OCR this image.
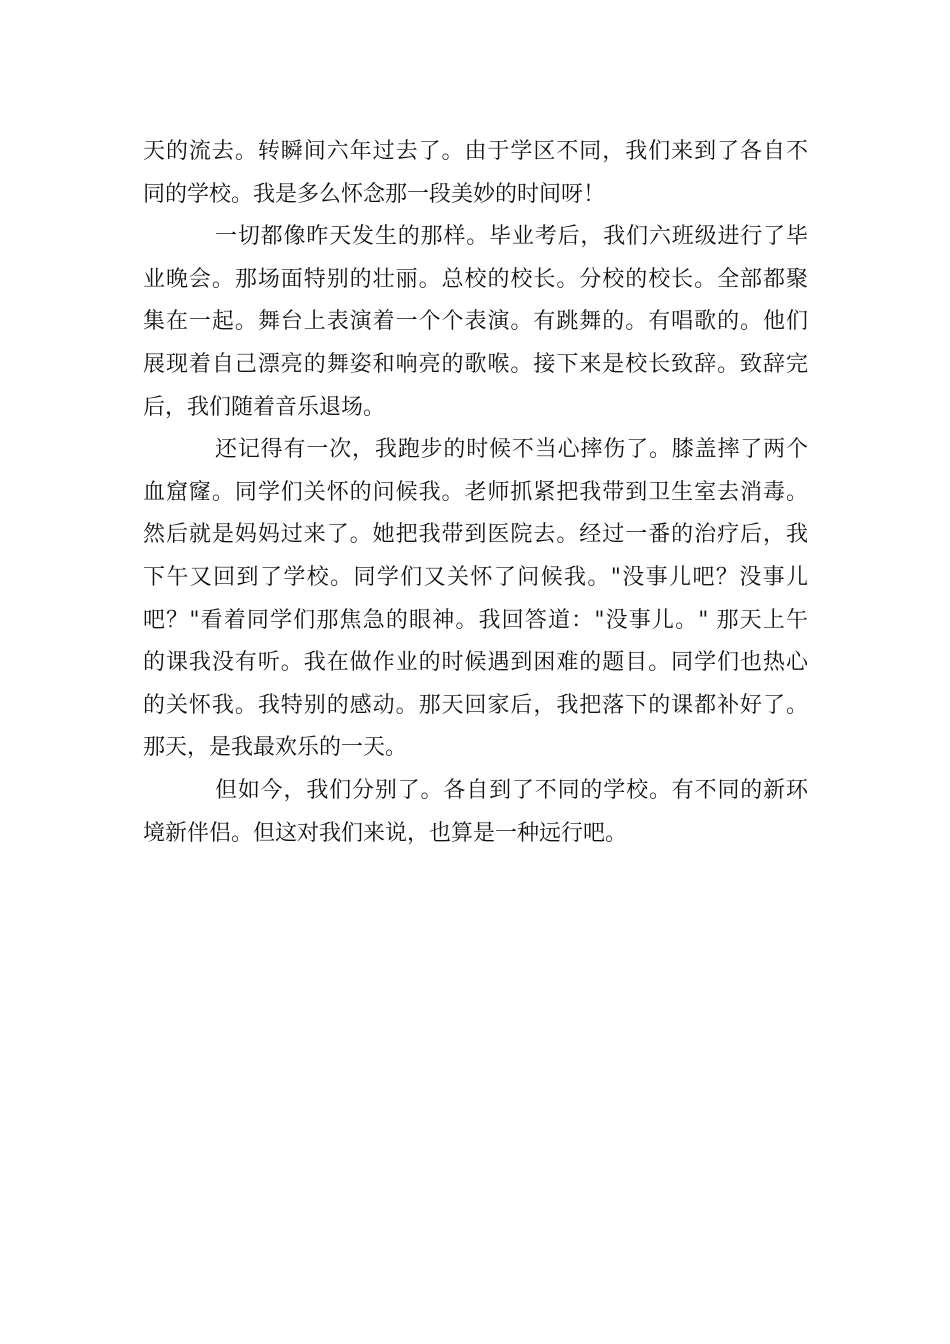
天的流去。转瞬间六年过去了。由于学区不同，我们来到了各自不
同的学校。我是多么怀念那一段美妙的时间呀！

一切都像昨天发生的那样。毕业考后，我们六班级进行了毕
业晚会。那场面特别的壮丽。总校的校长。分校的校长。全部都聚
集在一起。舞台上表演着一个个表演。有跳舞的。有唱歌的。他们
展现着自己漂亮的舞姿和响亮的歌喉。接下来是校长致辞。致辞完
后，我们随着音乐退场。

还记得有一次，我跑步的时候不当心摔伤了。膝盖摔了两个
血窟窿。同学们关怀的问候我。老师抓紧把我带到卫生室去消毒。
然后就是妈妈过来了。她把我带到医院去。经过一番的治疗后，我
下午又回到了学校。同学们又关怀了问候我。"没事儿吧？没事儿
吧？"看着同学们那焦急的眼神。我回答道："没事儿。" 那天上午
的课我没有听。我在做作业的时候遇到困难的题目。同学们也热心
的关怀我。我特别的感动。那天回家后，我把落下的课都补好了。
那天，是我最欢乐的一天。

但如今，我们分别了。各自到了不同的学校。有不同的新环
境新伴侣。但这对我们来说，也算是一种远行吧。
